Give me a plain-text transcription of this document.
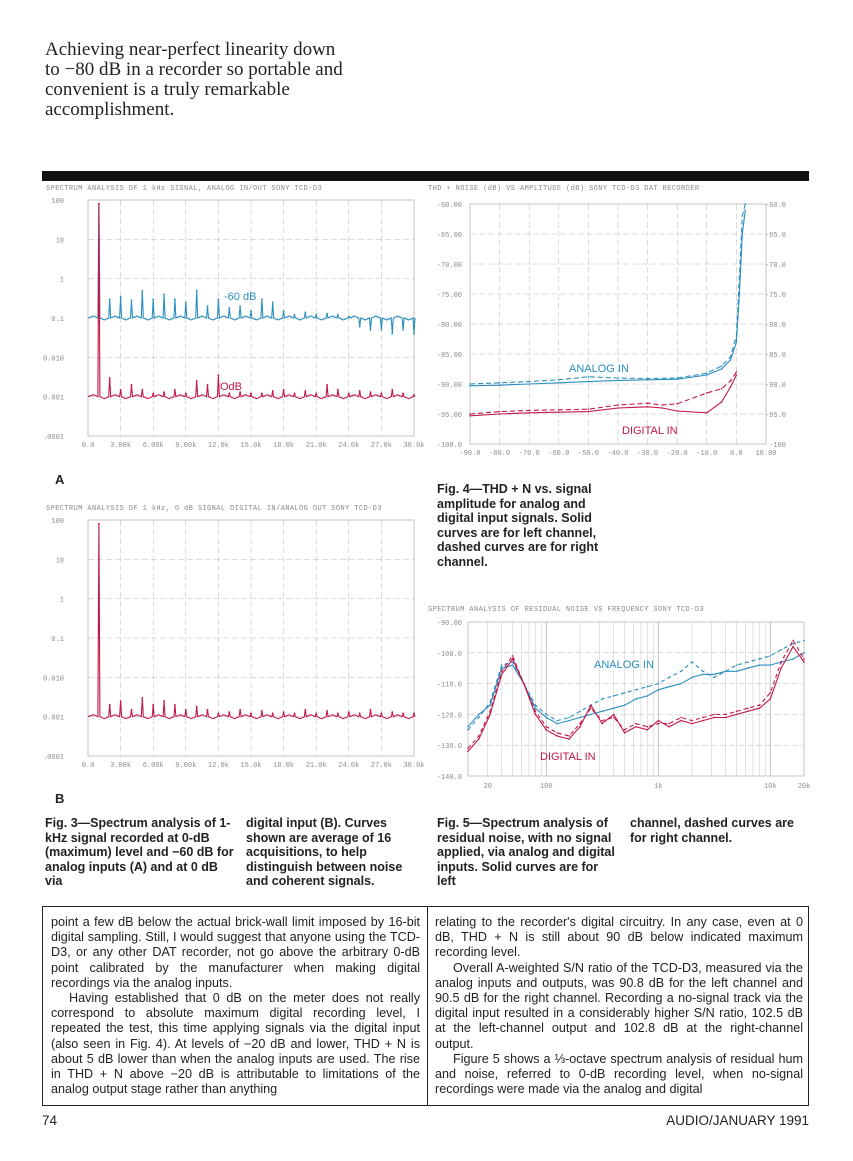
Achieving near-perfect linearity down to −80 dB in a recorder so portable and convenient is a truly remarkable accomplishment.
SPECTRUM ANALYSIS OF 1 kHz SIGNAL, ANALOG IN/OUT SONY TCD-D3
100
10
1
0.1
0.010
0.001
.0001
0.0 3.00k 6.00k 9.00k 12.0k 15.0k 18.0k 21.0k 24.0k 27.0k 30.0k
-60 dB
OdB
A
SPECTRUM ANALYSIS OF 1 kHz, 0 dB SIGNAL DIGITAL IN/ANALOG OUT SONY TCD-D3
100
10
1
0.1
0.010
0.001
.0001
0.0 3.00k 6.00k 9.00k 12.0k 15.0k 18.0k 21.0k 24.0k 27.0k 30.0k
B
THD + NOISE (dB) VS AMPLITUDE (dB) SONY TCD-D3 DAT RECORDER
-60.00
-65.00
-70.00
-75.00
-80.00
-85.00
-90.00
-95.00
-100.0
-60.0
-65.0
-70.0
-75.0
-80.0
-85.0
-90.0
-95.0
-100
-90.0 -80.0 -70.0 -60.0 -50.0 -40.0 -30.0 -20.0 -10.0 0.0 10.00
ANALOG IN
DIGITAL IN
Fig. 4—THD + N vs. signal amplitude for analog and digital input signals. Solid curves are for left channel, dashed curves are for right channel.
SPECTRUM ANALYSIS OF RESIDUAL NOISE VS FREQUENCY SONY TCD-D3
-90.00
-100.0
-110.0
-120.0
-130.0
-140.0
20	100	1k	10k	20k
ANALOG IN
DIGITAL IN
Fig. 3—Spectrum analysis of 1-kHz signal recorded at 0-dB (maximum) level and −60 dB for analog inputs (A) and at 0 dB via
digital input (B). Curves shown are average of 16 acquisitions, to help distinguish between noise and coherent signals.
Fig. 5—Spectrum analysis of residual noise, with no signal applied, via analog and digital inputs. Solid curves are for left
channel, dashed curves are for right channel.

point a few dB below the actual brick-wall limit imposed by 16-bit digital sampling. Still, I would suggest that anyone using the TCD-D3, or any other DAT recorder, not go above the arbitrary 0-dB point calibrated by the manufacturer when making digital recordings via the analog inputs.

Having established that 0 dB on the meter does not really correspond to absolute maximum digital recording level, I repeated the test, this time applying signals via the digital input (also seen in Fig. 4). At levels of −20 dB and lower, THD + N is about 5 dB lower than when the analog inputs are used. The rise in THD + N above −20 dB is attributable to limitations of the analog output stage rather than anything

relating to the recorder's digital circuitry. In any case, even at 0 dB, THD + N is still about 90 dB below indicated maximum recording level.

Overall A-weighted S/N ratio of the TCD-D3, measured via the analog inputs and outputs, was 90.8 dB for the left channel and 90.5 dB for the right channel. Recording a no-signal track via the digital input resulted in a considerably higher S/N ratio, 102.5 dB at the left-channel output and 102.8 dB at the right-channel output.

Figure 5 shows a ⅓-octave spectrum analysis of residual hum and noise, referred to 0-dB recording level, when no-signal recordings were made via the analog and digital

74	AUDIO/JANUARY 1991
